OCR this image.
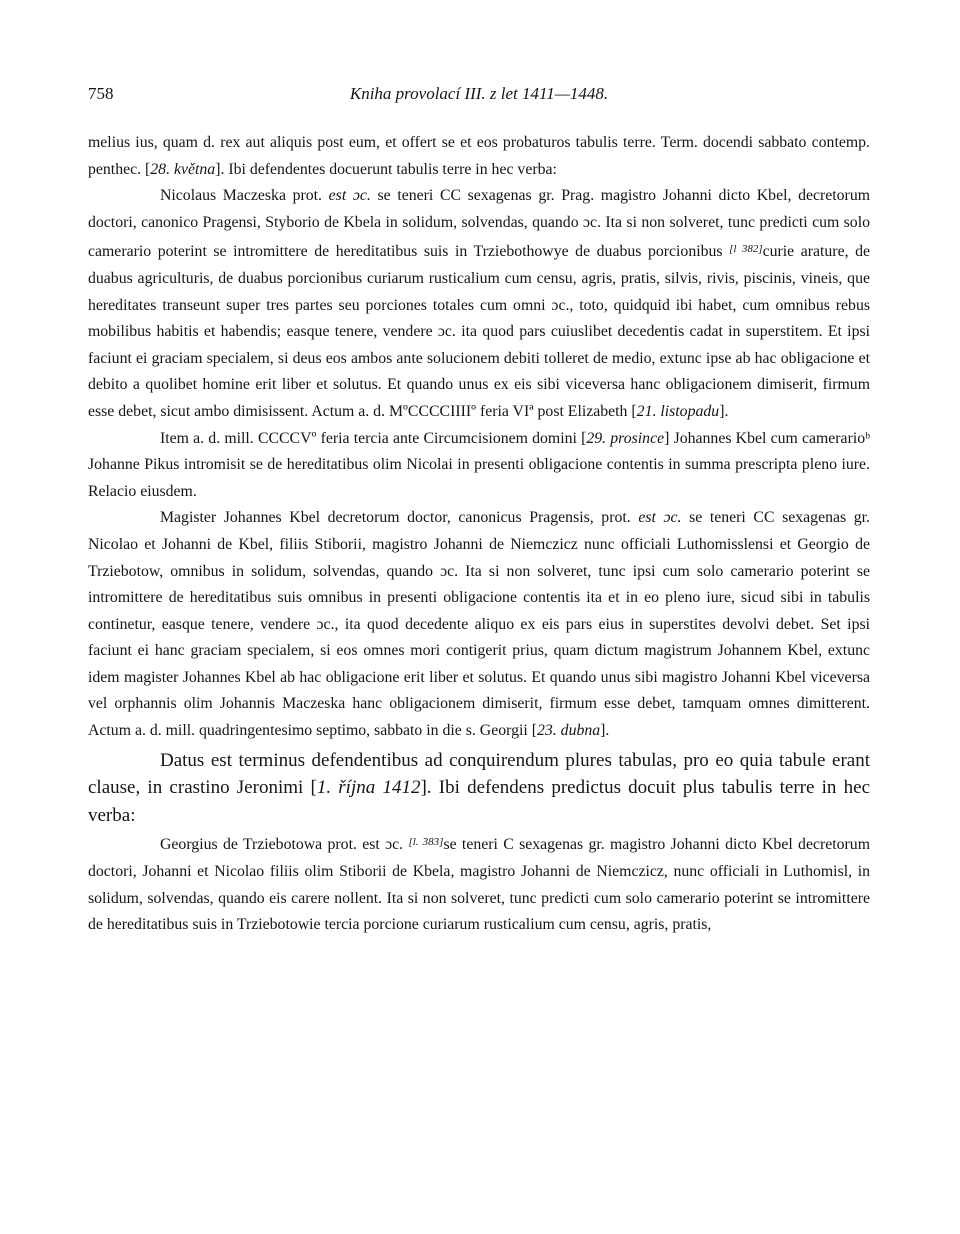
758	Kniha provolací III. z let 1411—1448.

melius ius, quam d. rex aut aliquis post eum, et offert se et eos probaturos tabulis terre. Term. docendi sabbato contemp. penthec. [28. května]. Ibi defendentes docuerunt tabulis terre in hec verba:

Nicolaus Maczeska prot. est ɔc. se teneri CC sexagenas gr. Prag. magistro Johanni dicto Kbel, decretorum doctori, canonico Pragensi, Styborio de Kbela in solidum, solvendas, quando ɔc. Ita si non solveret, tunc predicti cum solo camerario poterint se intromittere de hereditatibus suis in Trziebothowye de duabus porcionibus [l 382]curie arature, de duabus agriculturis, de duabus porcionibus curiarum rusticalium cum censu, agris, pratis, silvis, rivis, piscinis, vineis, que hereditates transeunt super tres partes seu porciones totales cum omni ɔc., toto, quidquid ibi habet, cum omnibus rebus mobilibus habitis et habendis; easque tenere, vendere ɔc. ita quod pars cuiuslibet decedentis cadat in superstitem. Et ipsi faciunt ei graciam specialem, si deus eos ambos ante solucionem debiti tolleret de medio, extunc ipse ab hac obligacione et debito a quolibet homine erit liber et solutus. Et quando unus ex eis sibi viceversa hanc obligacionem dimiserit, firmum esse debet, sicut ambo dimisissent. Actum a. d. MºCCCCIIIIº feria VIª post Elizabeth [21. listopadu].

Item a. d. mill. CCCCVº feria tercia ante Circumcisionem domini [29. prosince] Johannes Kbel cum camerarioᵇ Johanne Pikus intromisit se de hereditatibus olim Nicolai in presenti obligacione contentis in summa prescripta pleno iure. Relacio eiusdem.

Magister Johannes Kbel decretorum doctor, canonicus Pragensis, prot. est ɔc. se teneri CC sexagenas gr. Nicolao et Johanni de Kbel, filiis Stiborii, magistro Johanni de Niemczicz nunc officiali Luthomisslensi et Georgio de Trziebotow, omnibus in solidum, solvendas, quando ɔc. Ita si non solveret, tunc ipsi cum solo camerario poterint se intromittere de hereditatibus suis omnibus in presenti obligacione contentis ita et in eo pleno iure, sicud sibi in tabulis continetur, easque tenere, vendere ɔc., ita quod decedente aliquo ex eis pars eius in superstites devolvi debet. Set ipsi faciunt ei hanc graciam specialem, si eos omnes mori contigerit prius, quam dictum magistrum Johannem Kbel, extunc idem magister Johannes Kbel ab hac obligacione erit liber et solutus. Et quando unus sibi magistro Johanni Kbel viceversa vel orphannis olim Johannis Maczeska hanc obligacionem dimiserit, firmum esse debet, tamquam omnes dimitterent. Actum a. d. mill. quadringentesimo septimo, sabbato in die s. Georgii [23. dubna].

Datus est terminus defendentibus ad conquirendum plures tabulas, pro eo quia tabule erant clause, in crastino Jeronimi [1. října 1412]. Ibi defendens predictus docuit plus tabulis terre in hec verba:

Georgius de Trziebotowa prot. est ɔc. [l. 383]se teneri C sexagenas gr. magistro Johanni dicto Kbel decretorum doctori, Johanni et Nicolao filiis olim Stiborii de Kbela, magistro Johanni de Niemczicz, nunc officiali in Luthomisl, in solidum, solvendas, quando eis carere nollent. Ita si non solveret, tunc predicti cum solo camerario poterint se intromittere de hereditatibus suis in Trziebotowie tercia porcione curiarum rusticalium cum censu, agris, pratis,
